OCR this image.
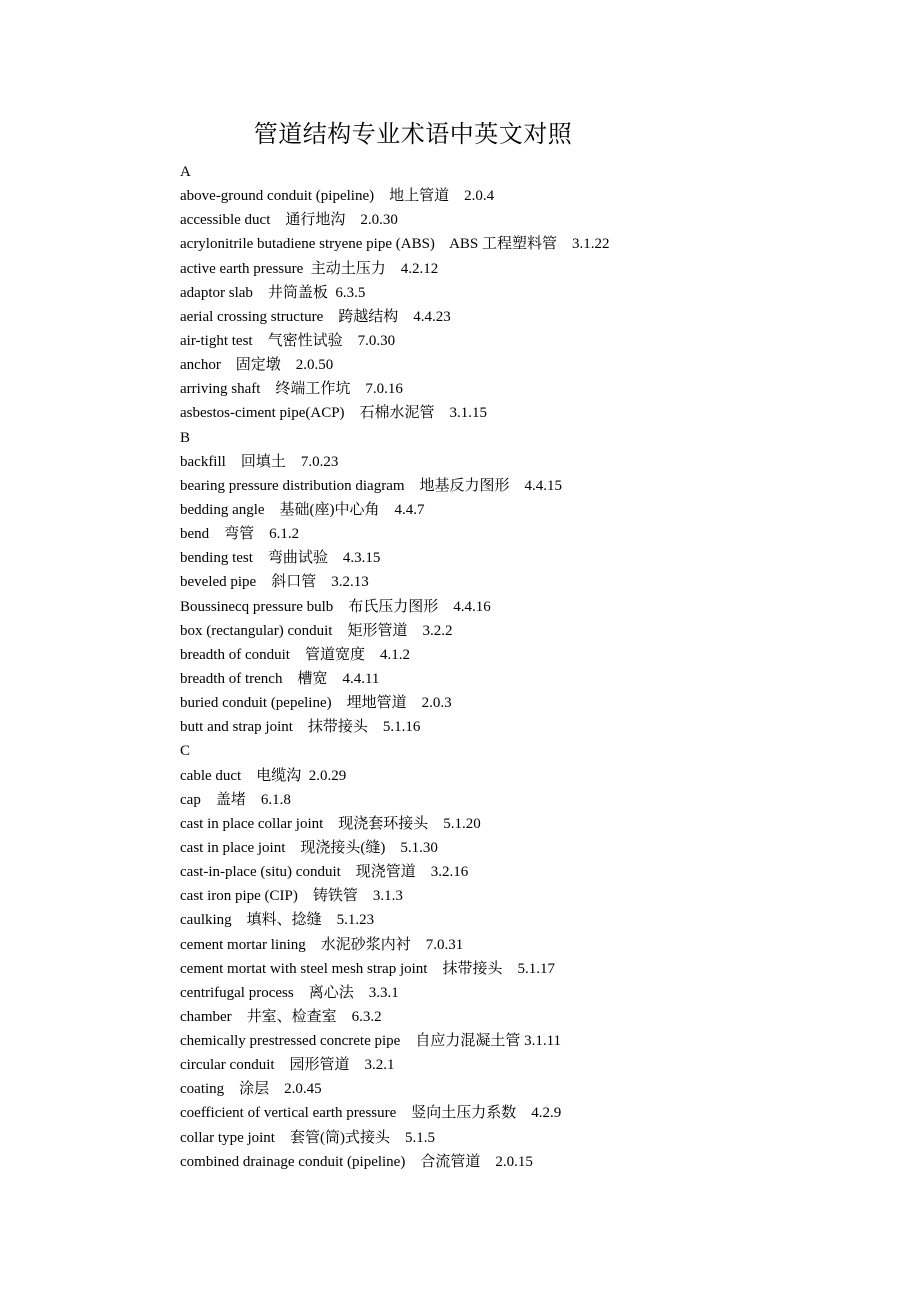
管道结构专业术语中英文对照
A
above-ground conduit (pipeline)    地上管道    2.0.4
accessible duct    通行地沟    2.0.30
acrylonitrile butadiene stryene pipe (ABS)    ABS 工程塑料管    3.1.22
active earth pressure  主动土压力    4.2.12
adaptor slab    井筒盖板  6.3.5
aerial crossing structure    跨越结构    4.4.23
air-tight test    气密性试验    7.0.30
anchor    固定墩    2.0.50
arriving shaft    终端工作坑    7.0.16
asbestos-ciment pipe(ACP)    石棉水泥管    3.1.15
B
backfill    回填土    7.0.23
bearing pressure distribution diagram    地基反力图形    4.4.15
bedding angle    基础(座)中心角    4.4.7
bend    弯管    6.1.2
bending test    弯曲试验    4.3.15
beveled pipe    斜口管    3.2.13
Boussinecq pressure bulb    布氏压力图形    4.4.16
box (rectangular) conduit    矩形管道    3.2.2
breadth of conduit    管道宽度    4.1.2
breadth of trench    槽宽    4.4.11
buried conduit (pepeline)    埋地管道    2.0.3
butt and strap joint    抹带接头    5.1.16
C
cable duct    电缆沟  2.0.29
cap    盖堵    6.1.8
cast in place collar joint    现浇套环接头    5.1.20
cast in place joint    现浇接头(缝)    5.1.30
cast-in-place (situ) conduit    现浇管道    3.2.16
cast iron pipe (CIP)    铸铁管    3.1.3
caulking    填料、捻缝    5.1.23
cement mortar lining    水泥砂浆内衬    7.0.31
cement mortat with steel mesh strap joint    抹带接头    5.1.17
centrifugal process    离心法    3.3.1
chamber    井室、检查室    6.3.2
chemically prestressed concrete pipe    自应力混凝土管 3.1.11
circular conduit    园形管道    3.2.1
coating    涂层    2.0.45
coefficient of vertical earth pressure    竖向土压力系数    4.2.9
collar type joint    套管(筒)式接头    5.1.5
combined drainage conduit (pipeline)    合流管道    2.0.15
